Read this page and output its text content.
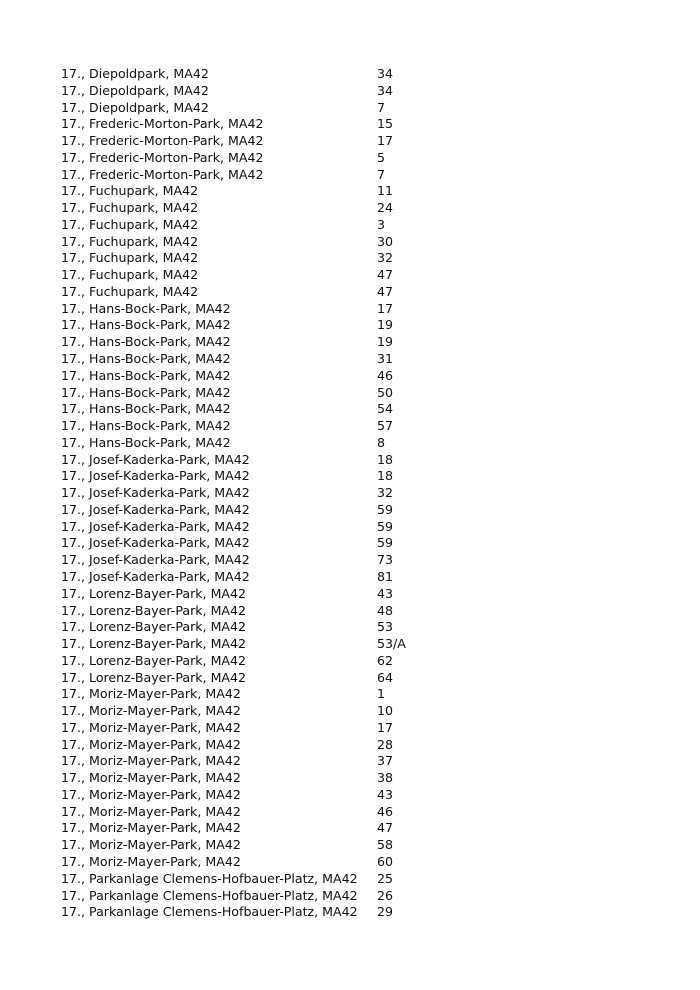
17., Diepoldpark, MA42	34
17., Diepoldpark, MA42	34
17., Diepoldpark, MA42	7
17., Frederic-Morton-Park, MA42	15
17., Frederic-Morton-Park, MA42	17
17., Frederic-Morton-Park, MA42	5
17., Frederic-Morton-Park, MA42	7
17., Fuchupark, MA42	11
17., Fuchupark, MA42	24
17., Fuchupark, MA42	3
17., Fuchupark, MA42	30
17., Fuchupark, MA42	32
17., Fuchupark, MA42	47
17., Fuchupark, MA42	47
17., Hans-Bock-Park, MA42	17
17., Hans-Bock-Park, MA42	19
17., Hans-Bock-Park, MA42	19
17., Hans-Bock-Park, MA42	31
17., Hans-Bock-Park, MA42	46
17., Hans-Bock-Park, MA42	50
17., Hans-Bock-Park, MA42	54
17., Hans-Bock-Park, MA42	57
17., Hans-Bock-Park, MA42	8
17., Josef-Kaderka-Park, MA42	18
17., Josef-Kaderka-Park, MA42	18
17., Josef-Kaderka-Park, MA42	32
17., Josef-Kaderka-Park, MA42	59
17., Josef-Kaderka-Park, MA42	59
17., Josef-Kaderka-Park, MA42	59
17., Josef-Kaderka-Park, MA42	73
17., Josef-Kaderka-Park, MA42	81
17., Lorenz-Bayer-Park, MA42	43
17., Lorenz-Bayer-Park, MA42	48
17., Lorenz-Bayer-Park, MA42	53
17., Lorenz-Bayer-Park, MA42	53/A
17., Lorenz-Bayer-Park, MA42	62
17., Lorenz-Bayer-Park, MA42	64
17., Moriz-Mayer-Park, MA42	1
17., Moriz-Mayer-Park, MA42	10
17., Moriz-Mayer-Park, MA42	17
17., Moriz-Mayer-Park, MA42	28
17., Moriz-Mayer-Park, MA42	37
17., Moriz-Mayer-Park, MA42	38
17., Moriz-Mayer-Park, MA42	43
17., Moriz-Mayer-Park, MA42	46
17., Moriz-Mayer-Park, MA42	47
17., Moriz-Mayer-Park, MA42	58
17., Moriz-Mayer-Park, MA42	60
17., Parkanlage Clemens-Hofbauer-Platz, MA42	25
17., Parkanlage Clemens-Hofbauer-Platz, MA42	26
17., Parkanlage Clemens-Hofbauer-Platz, MA42	29
